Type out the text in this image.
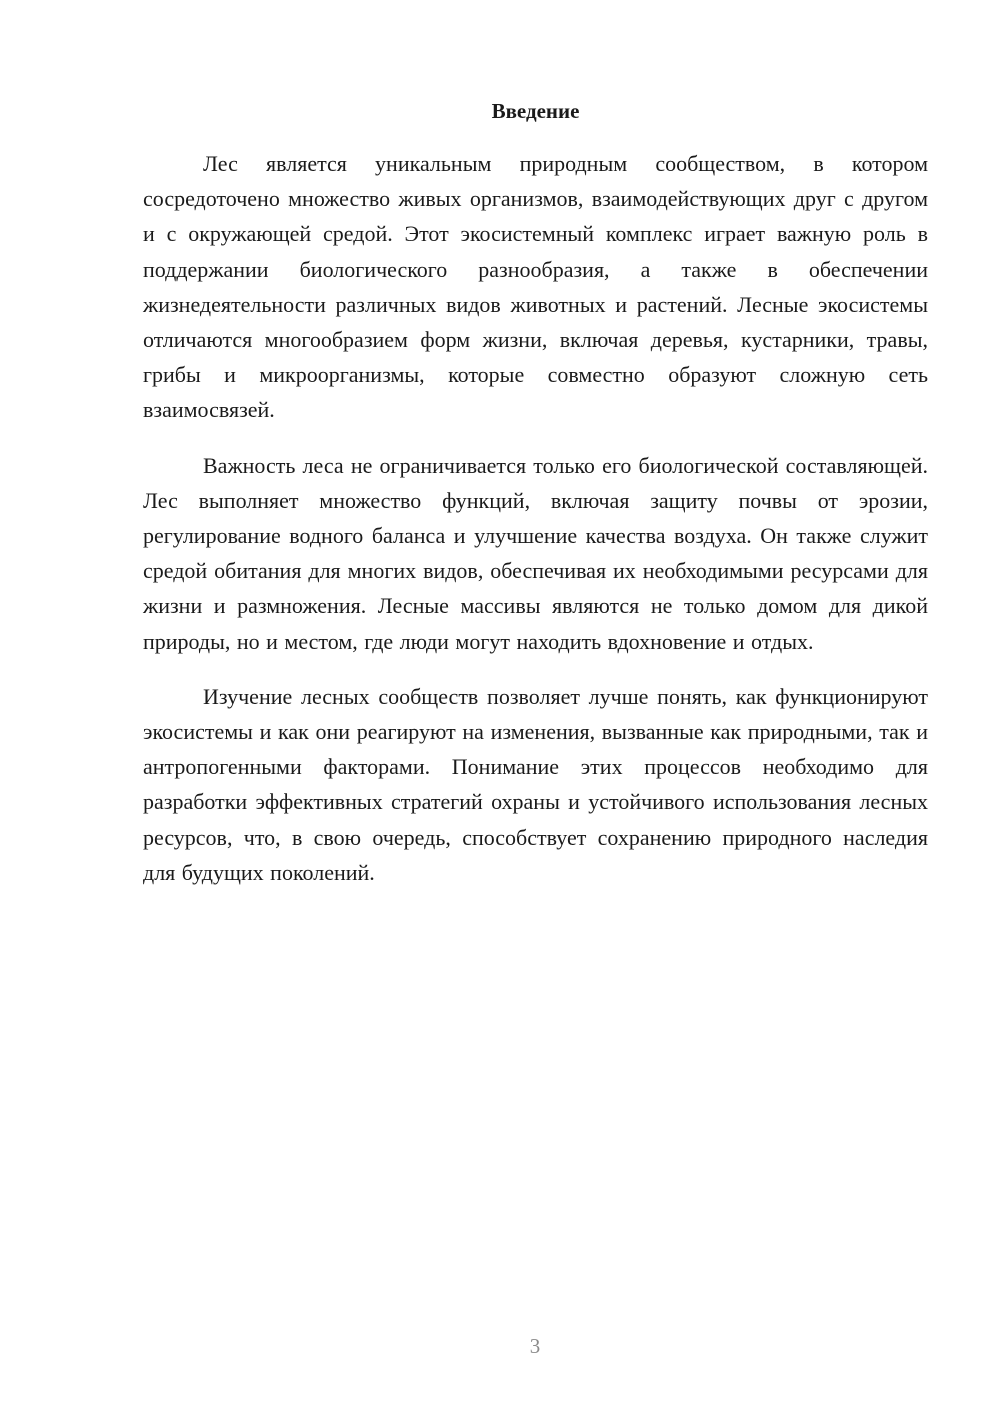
Введение

Лес является уникальным природным сообществом, в котором сосредоточено множество живых организмов, взаимодействующих друг с другом и с окружающей средой. Этот экосистемный комплекс играет важную роль в поддержании биологического разнообразия, а также в обеспечении жизнедеятельности различных видов животных и растений. Лесные экосистемы отличаются многообразием форм жизни, включая деревья, кустарники, травы, грибы и микроорганизмы, которые совместно образуют сложную сеть взаимосвязей.

Важность леса не ограничивается только его биологической составляющей. Лес выполняет множество функций, включая защиту почвы от эрозии, регулирование водного баланса и улучшение качества воздуха. Он также служит средой обитания для многих видов, обеспечивая их необходимыми ресурсами для жизни и размножения. Лесные массивы являются не только домом для дикой природы, но и местом, где люди могут находить вдохновение и отдых.

Изучение лесных сообществ позволяет лучше понять, как функционируют экосистемы и как они реагируют на изменения, вызванные как природными, так и антропогенными факторами. Понимание этих процессов необходимо для разработки эффективных стратегий охраны и устойчивого использования лесных ресурсов, что, в свою очередь, способствует сохранению природного наследия для будущих поколений.

3
